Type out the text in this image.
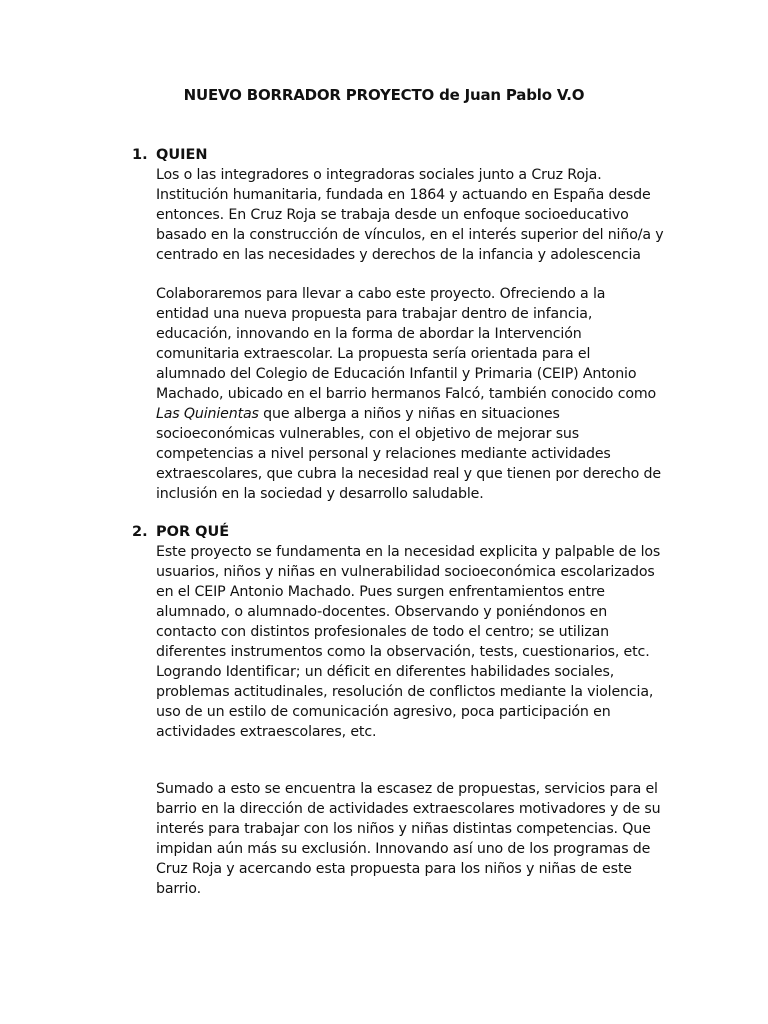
NUEVO BORRADOR PROYECTO de Juan Pablo V.O
1. QUIEN
Los o las integradores o integradoras sociales junto a Cruz Roja.
Institución humanitaria, fundada en 1864 y actuando en España desde
entonces. En Cruz Roja se trabaja desde un enfoque socioeducativo
basado en la construcción de vínculos, en el interés superior del niño/a y
centrado en las necesidades y derechos de la infancia y adolescencia
Colaboraremos para llevar a cabo este proyecto. Ofreciendo a la
entidad una nueva propuesta para trabajar dentro de infancia,
educación, innovando en la forma de abordar la Intervención
comunitaria extraescolar. La propuesta sería orientada para el
alumnado del Colegio de Educación Infantil y Primaria (CEIP) Antonio
Machado, ubicado en el barrio hermanos Falcó, también conocido como
Las Quinientas que alberga a niños y niñas en situaciones
socioeconómicas vulnerables, con el objetivo de mejorar sus
competencias a nivel personal y relaciones mediante actividades
extraescolares, que cubra la necesidad real y que tienen por derecho de
inclusión en la sociedad y desarrollo saludable.
2. POR QUÉ
Este proyecto se fundamenta en la necesidad explicita y palpable de los
usuarios, niños y niñas en vulnerabilidad socioeconómica escolarizados
en el CEIP Antonio Machado. Pues surgen enfrentamientos entre
alumnado, o alumnado-docentes. Observando y poniéndonos en
contacto con distintos profesionales de todo el centro; se utilizan
diferentes instrumentos como la observación, tests, cuestionarios, etc.
Logrando Identificar; un déficit en diferentes habilidades sociales,
problemas actitudinales, resolución de conflictos mediante la violencia,
uso de un estilo de comunicación agresivo, poca participación en
actividades extraescolares, etc.
Sumado a esto se encuentra la escasez de propuestas, servicios para el
barrio en la dirección de actividades extraescolares motivadores y de su
interés para trabajar con los niños y niñas distintas competencias. Que
impidan aún más su exclusión. Innovando así uno de los programas de
Cruz Roja y acercando esta propuesta para los niños y niñas de este
barrio.
